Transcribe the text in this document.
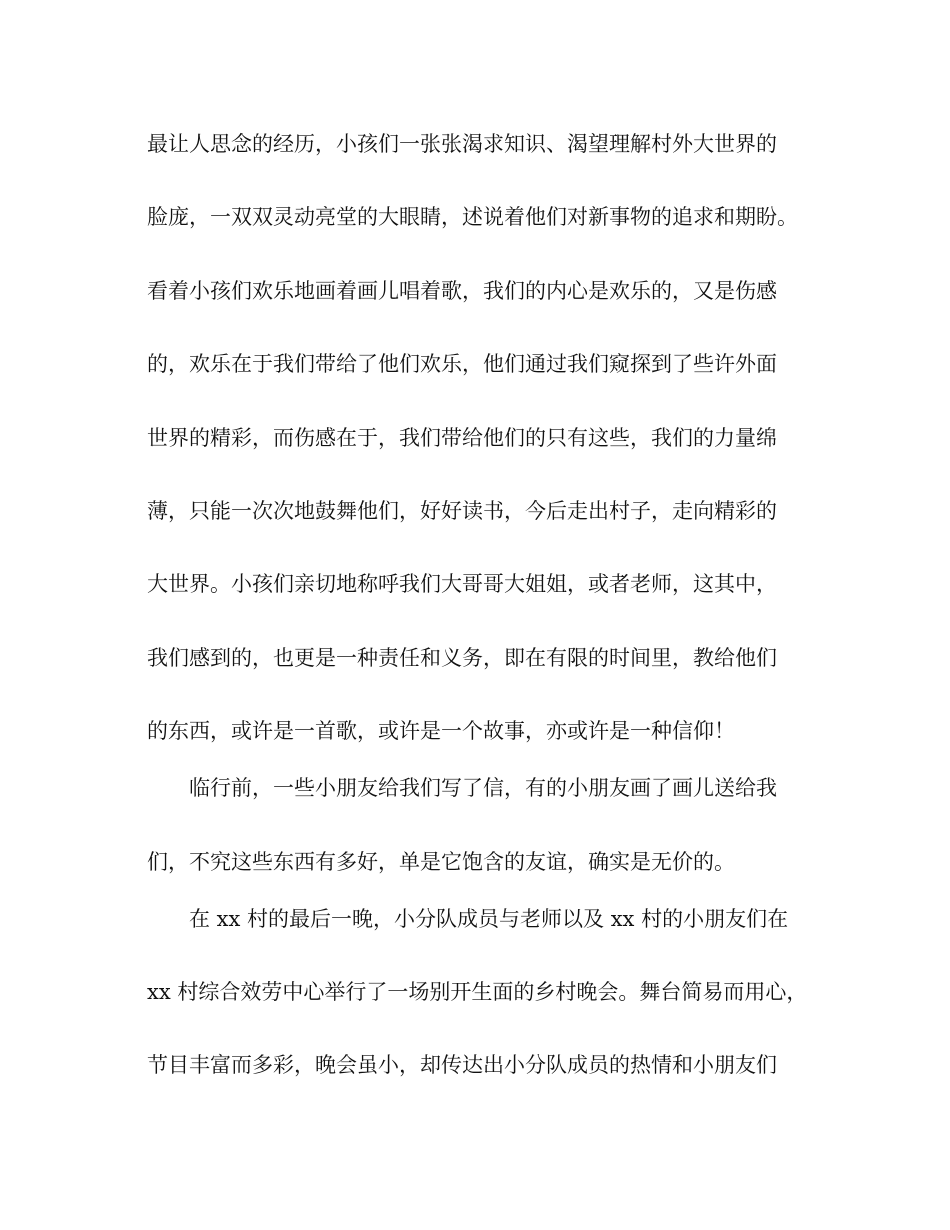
最让人思念的经历，小孩们一张张渴求知识、渴望理解村外大世界的
脸庞，一双双灵动亮堂的大眼睛，述说着他们对新事物的追求和期盼。
看着小孩们欢乐地画着画儿唱着歌，我们的内心是欢乐的，又是伤感
的，欢乐在于我们带给了他们欢乐，他们通过我们窥探到了些许外面
世界的精彩，而伤感在于，我们带给他们的只有这些，我们的力量绵
薄，只能一次次地鼓舞他们，好好读书，今后走出村子，走向精彩的
大世界。小孩们亲切地称呼我们大哥哥大姐姐，或者老师，这其中，
我们感到的，也更是一种责任和义务，即在有限的时间里，教给他们
的东西，或许是一首歌，或许是一个故事，亦或许是一种信仰！
临行前，一些小朋友给我们写了信，有的小朋友画了画儿送给我
们，不究这些东西有多好，单是它饱含的友谊，确实是无价的。
在 xx 村的最后一晚，小分队成员与老师以及 xx 村的小朋友们在
xx 村综合效劳中心举行了一场别开生面的乡村晚会。舞台简易而用心，
节目丰富而多彩，晚会虽小，却传达出小分队成员的热情和小朋友们
